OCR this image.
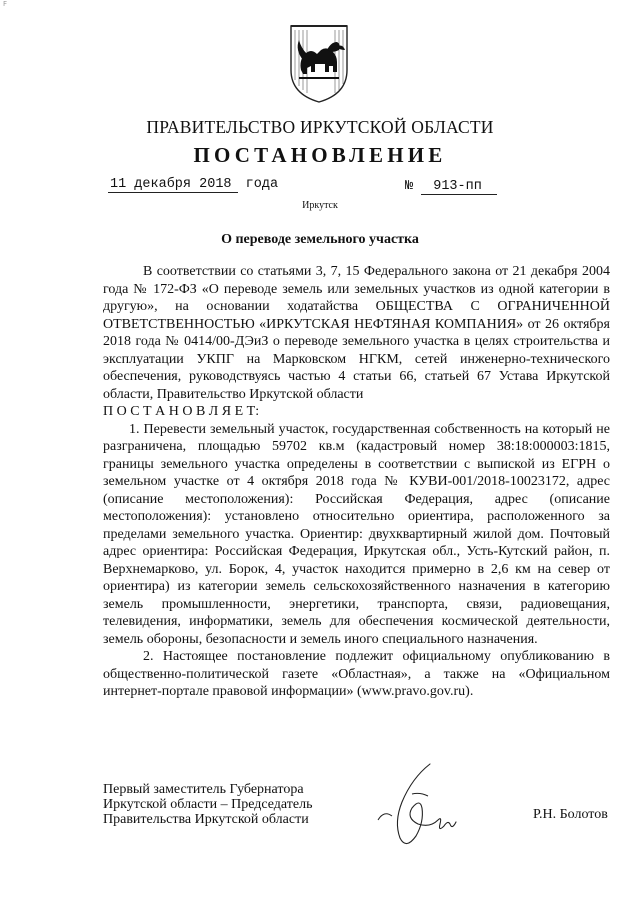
F
ПРАВИТЕЛЬСТВО ИРКУТСКОЙ ОБЛАСТИ
ПОСТАНОВЛЕНИЕ
11 декабря 2018 года	№ 913-пп
Иркутск
О переводе земельного участка

В соответствии со статьями 3, 7, 15 Федерального закона от 21 декабря 2004 года № 172-ФЗ «О переводе земель или земельных участков из одной категории в другую», на основании ходатайства ОБЩЕСТВА С ОГРАНИЧЕННОЙ ОТВЕТСТВЕННОСТЬЮ «ИРКУТСКАЯ НЕФТЯНАЯ КОМПАНИЯ» от 26 октября 2018 года № 0414/00-ДЭиЗ о переводе земельного участка в целях строительства и эксплуатации УКПГ на Марковском НГКМ, сетей инженерно-технического обеспечения, руководствуясь частью 4 статьи 66, статьей 67 Устава Иркутской области, Правительство Иркутской области

П О С Т А Н О В Л Я Е Т:

1. Перевести земельный участок, государственная собственность на который не разграничена, площадью 59702 кв.м (кадастровый номер 38:18:000003:1815, границы земельного участка определены в соответствии с выпиской из ЕГРН о земельном участке от 4 октября 2018 года № КУВИ-001/2018-10023172, адрес (описание местоположения): Российская Федерация, адрес (описание местоположения): установлено относительно ориентира, расположенного за пределами земельного участка. Ориентир: двухквартирный жилой дом. Почтовый адрес ориентира: Российская Федерация, Иркутская обл., Усть-Кутский район, п. Верхнемарково, ул. Борок, 4, участок находится примерно в 2,6 км на север от ориентира) из категории земель сельскохозяйственного назначения в категорию земель промышленности, энергетики, транспорта, связи, радиовещания, телевидения, информатики, земель для обеспечения космической деятельности, земель обороны, безопасности и земель иного специального назначения.

2. Настоящее постановление подлежит официальному опубликованию в общественно-политической газете «Областная», а также на «Официальном интернет-портале правовой информации» (www.pravo.gov.ru).

Первый заместитель Губернатора
Иркутской области – Председатель
Правительства Иркутской области	Р.Н. Болотов
